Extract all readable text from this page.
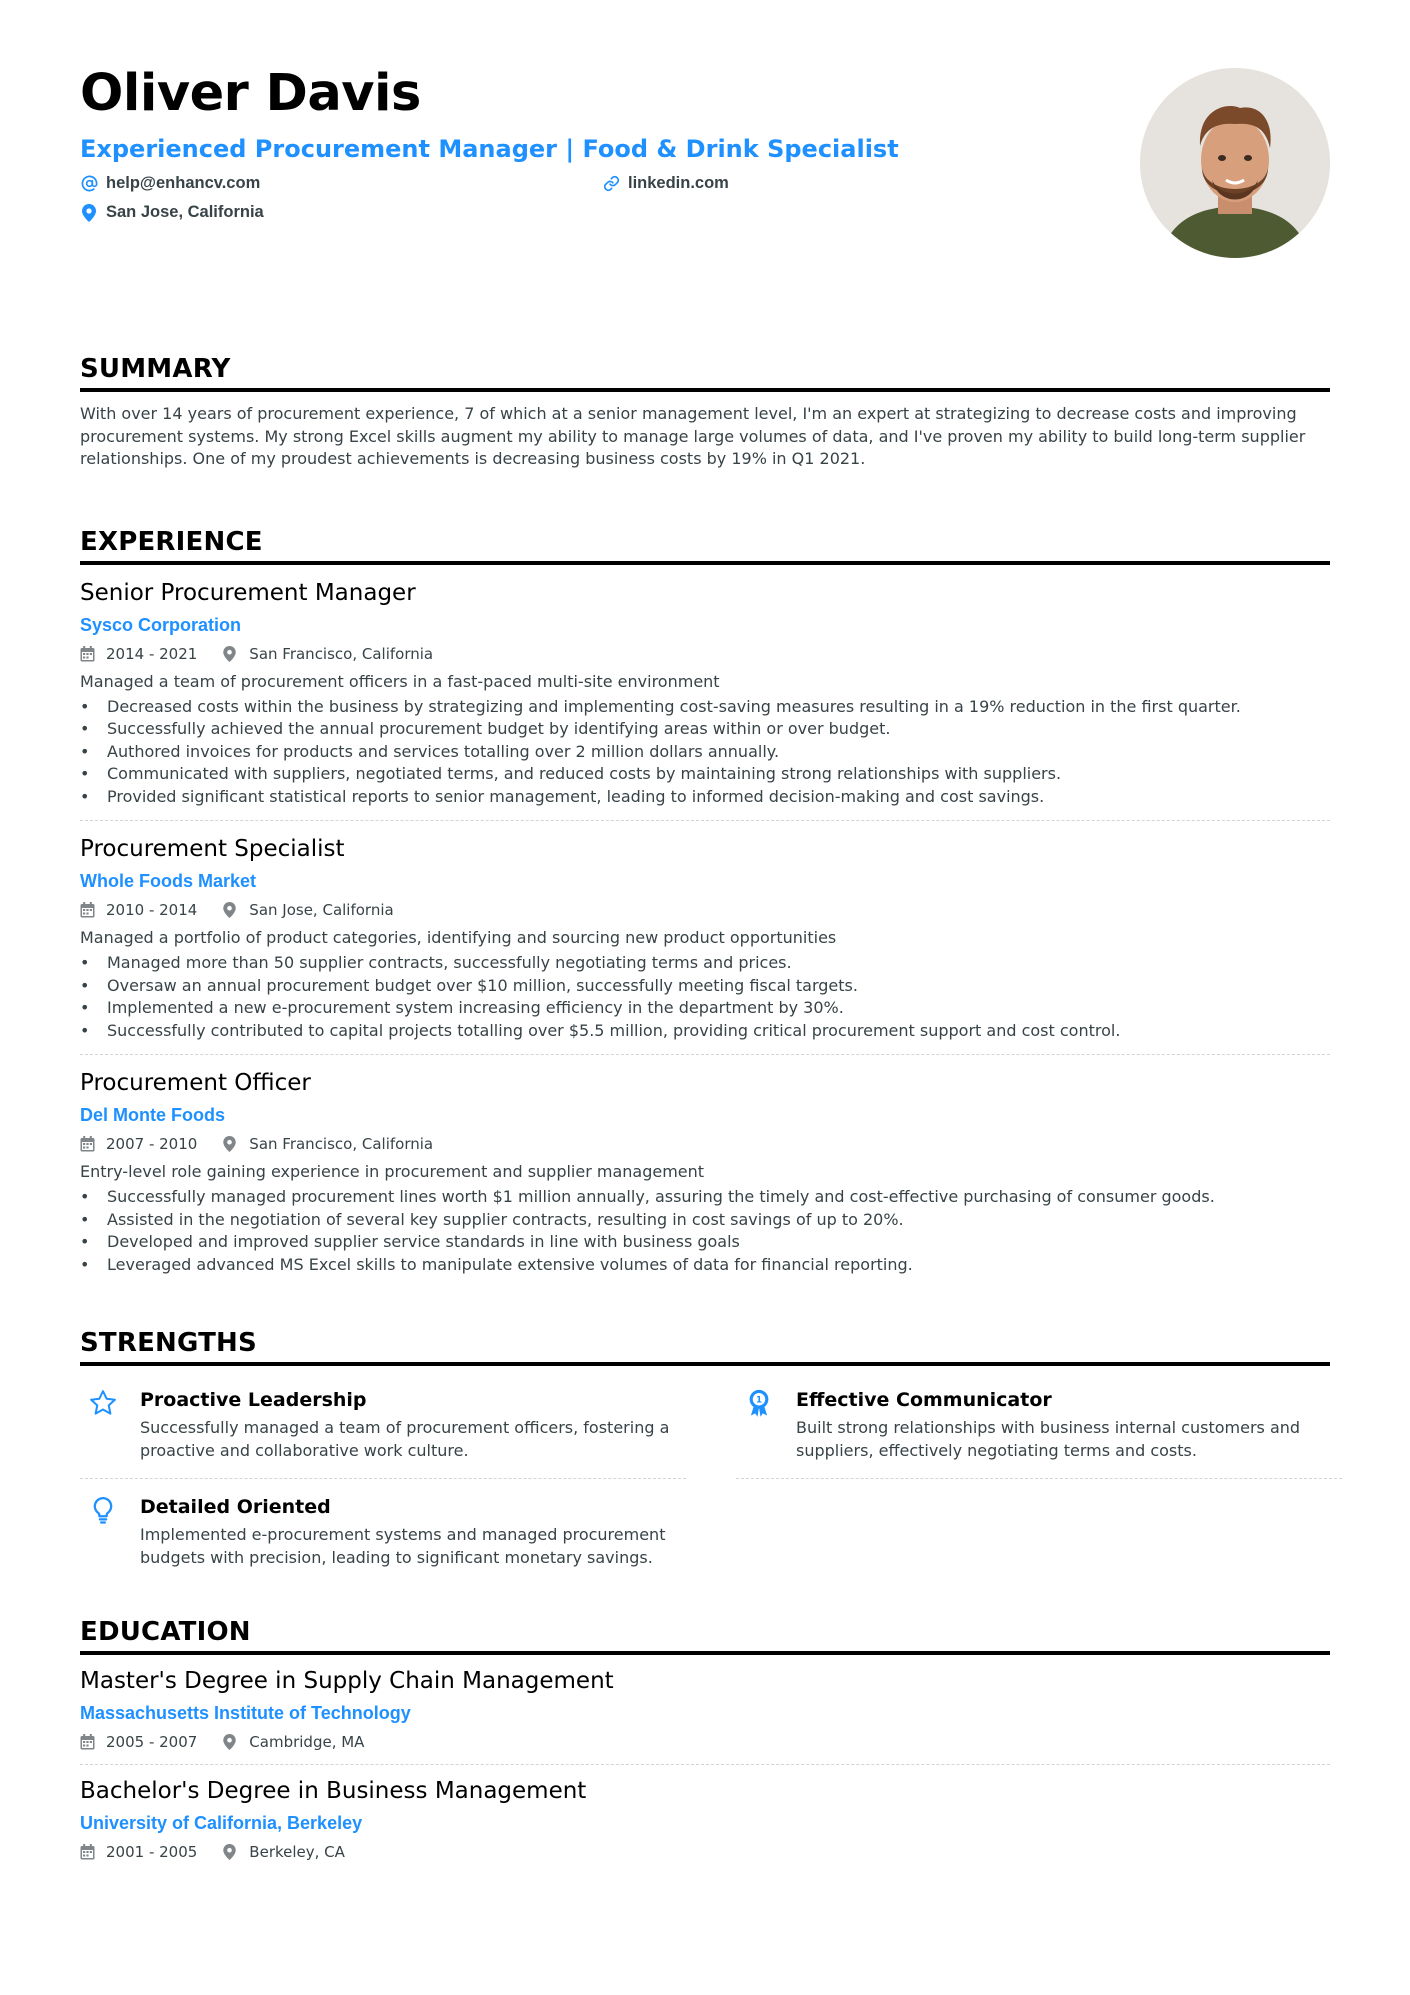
Oliver Davis
Experienced Procurement Manager | Food & Drink Specialist
help@enhancv.com	linkedin.com
San Jose, California
SUMMARY

With over 14 years of procurement experience, 7 of which at a senior management level, I'm an expert at strategizing to decrease costs and improving procurement systems. My strong Excel skills augment my ability to manage large volumes of data, and I've proven my ability to build long-term supplier relationships. One of my proudest achievements is decreasing business costs by 19% in Q1 2021.

EXPERIENCE
Senior Procurement Manager
Sysco Corporation
2014 - 2021	San Francisco, California

Managed a team of procurement officers in a fast-paced multi-site environment

• Decreased costs within the business by strategizing and implementing cost-saving measures resulting in a 19% reduction in the first quarter.
• Successfully achieved the annual procurement budget by identifying areas within or over budget.
• Authored invoices for products and services totalling over 2 million dollars annually.
• Communicated with suppliers, negotiated terms, and reduced costs by maintaining strong relationships with suppliers.
• Provided significant statistical reports to senior management, leading to informed decision-making and cost savings.
Procurement Specialist
Whole Foods Market
2010 - 2014	San Jose, California

Managed a portfolio of product categories, identifying and sourcing new product opportunities

• Managed more than 50 supplier contracts, successfully negotiating terms and prices.
• Oversaw an annual procurement budget over $10 million, successfully meeting fiscal targets.
• Implemented a new e-procurement system increasing efficiency in the department by 30%.
• Successfully contributed to capital projects totalling over $5.5 million, providing critical procurement support and cost control.
Procurement Officer
Del Monte Foods
2007 - 2010	San Francisco, California

Entry-level role gaining experience in procurement and supplier management

• Successfully managed procurement lines worth $1 million annually, assuring the timely and cost-effective purchasing of consumer goods.
• Assisted in the negotiation of several key supplier contracts, resulting in cost savings of up to 20%.
• Developed and improved supplier service standards in line with business goals
• Leveraged advanced MS Excel skills to manipulate extensive volumes of data for financial reporting.
STRENGTHS
Proactive Leadership

Successfully managed a team of procurement officers, fostering a proactive and collaborative work culture.

1 Effective Communicator

Built strong relationships with business internal customers and suppliers, effectively negotiating terms and costs.

Detailed Oriented

Implemented e-procurement systems and managed procurement budgets with precision, leading to significant monetary savings.

EDUCATION
Master's Degree in Supply Chain Management
Massachusetts Institute of Technology
2005 - 2007	Cambridge, MA
Bachelor's Degree in Business Management
University of California, Berkeley
2001 - 2005	Berkeley, CA
